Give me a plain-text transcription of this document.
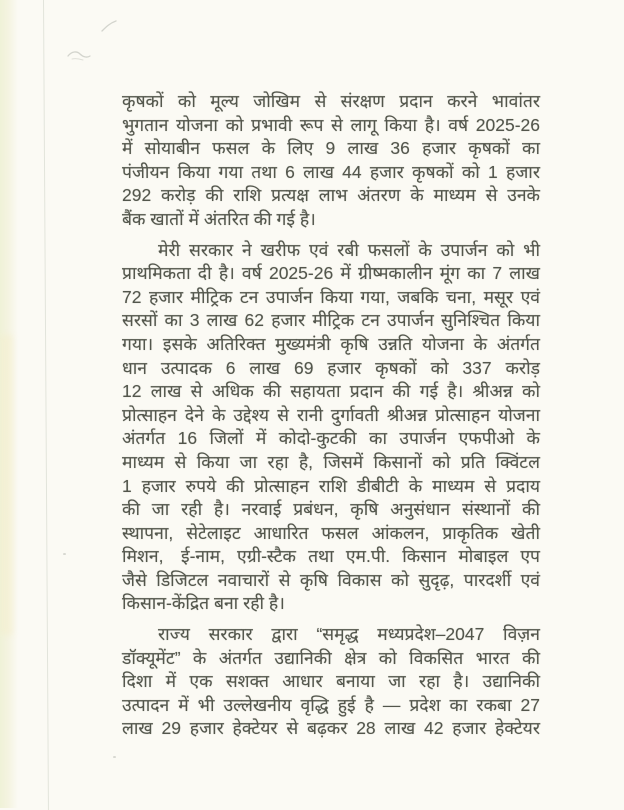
कृषकों को मूल्य जोखिम से संरक्षण प्रदान करने भावांतर
भुगतान योजना को प्रभावी रूप से लागू किया है। वर्ष 2025-26
में सोयाबीन फसल के लिए 9 लाख 36 हजार कृषकों का
पंजीयन किया गया तथा 6 लाख 44 हजार कृषकों को 1 हजार
292 करोड़ की राशि प्रत्यक्ष लाभ अंतरण के माध्यम से उनके
बैंक खातों में अंतरित की गई है।
मेरी सरकार ने खरीफ एवं रबी फसलों के उपार्जन को भी
प्राथमिकता दी है। वर्ष 2025-26 में ग्रीष्मकालीन मूंग का 7 लाख
72 हजार मीट्रिक टन उपार्जन किया गया, जबकि चना, मसूर एवं
सरसों का 3 लाख 62 हजार मीट्रिक टन उपार्जन सुनिश्चित किया
गया। इसके अतिरिक्त मुख्यमंत्री कृषि उन्नति योजना के अंतर्गत
धान उत्पादक 6 लाख 69 हजार कृषकों को 337 करोड़
12 लाख से अधिक की सहायता प्रदान की गई है। श्रीअन्न को
प्रोत्साहन देने के उद्देश्य से रानी दुर्गावती श्रीअन्न प्रोत्साहन योजना
अंतर्गत 16 जिलों में कोदो-कुटकी का उपार्जन एफपीओ के
माध्यम से किया जा रहा है, जिसमें किसानों को प्रति क्विंटल
1 हजार रुपये की प्रोत्साहन राशि डीबीटी के माध्यम से प्रदाय
की जा रही है। नरवाई प्रबंधन, कृषि अनुसंधान संस्थानों की
स्थापना, सेटेलाइट आधारित फसल आंकलन, प्राकृतिक खेती
मिशन, ई-नाम, एग्री-स्टैक तथा एम.पी. किसान मोबाइल एप
जैसे डिजिटल नवाचारों से कृषि विकास को सुदृढ़, पारदर्शी एवं
किसान-केंद्रित बना रही है।
राज्य सरकार द्वारा “समृद्ध मध्यप्रदेश–2047 विज़न
डॉक्यूमेंट” के अंतर्गत उद्यानिकी क्षेत्र को विकसित भारत की
दिशा में एक सशक्त आधार बनाया जा रहा है। उद्यानिकी
उत्पादन में भी उल्लेखनीय वृद्धि हुई है — प्रदेश का रकबा 27
लाख 29 हजार हेक्टेयर से बढ़कर 28 लाख 42 हजार हेक्टेयर
